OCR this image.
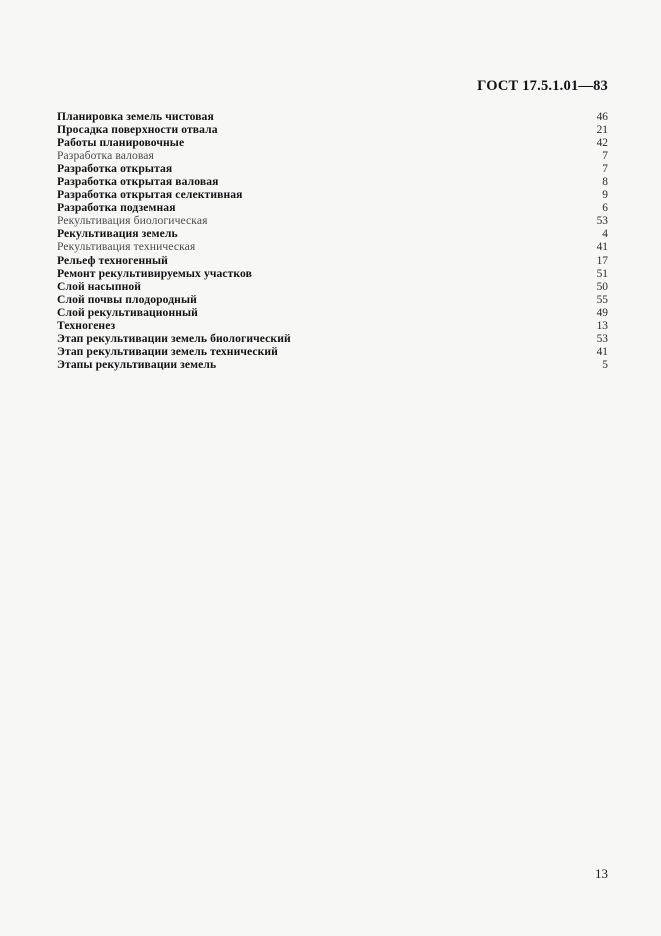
ГОСТ 17.5.1.01—83
Планировка земель чистовая	46
Просадка поверхности отвала	21
Работы планировочные	42
Разработка валовая	7
Разработка открытая	7
Разработка открытая валовая	8
Разработка открытая селективная	9
Разработка подземная	6
Рекультивация биологическая	53
Рекультивация земель	4
Рекультивация техническая	41
Рельеф техногенный	17
Ремонт рекультивируемых участков	51
Слой насыпной	50
Слой почвы плодородный	55
Слой рекультивационный	49
Техногенез	13
Этап рекультивации земель биологический	53
Этап рекультивации земель технический	41
Этапы рекультивации земель	5
13
